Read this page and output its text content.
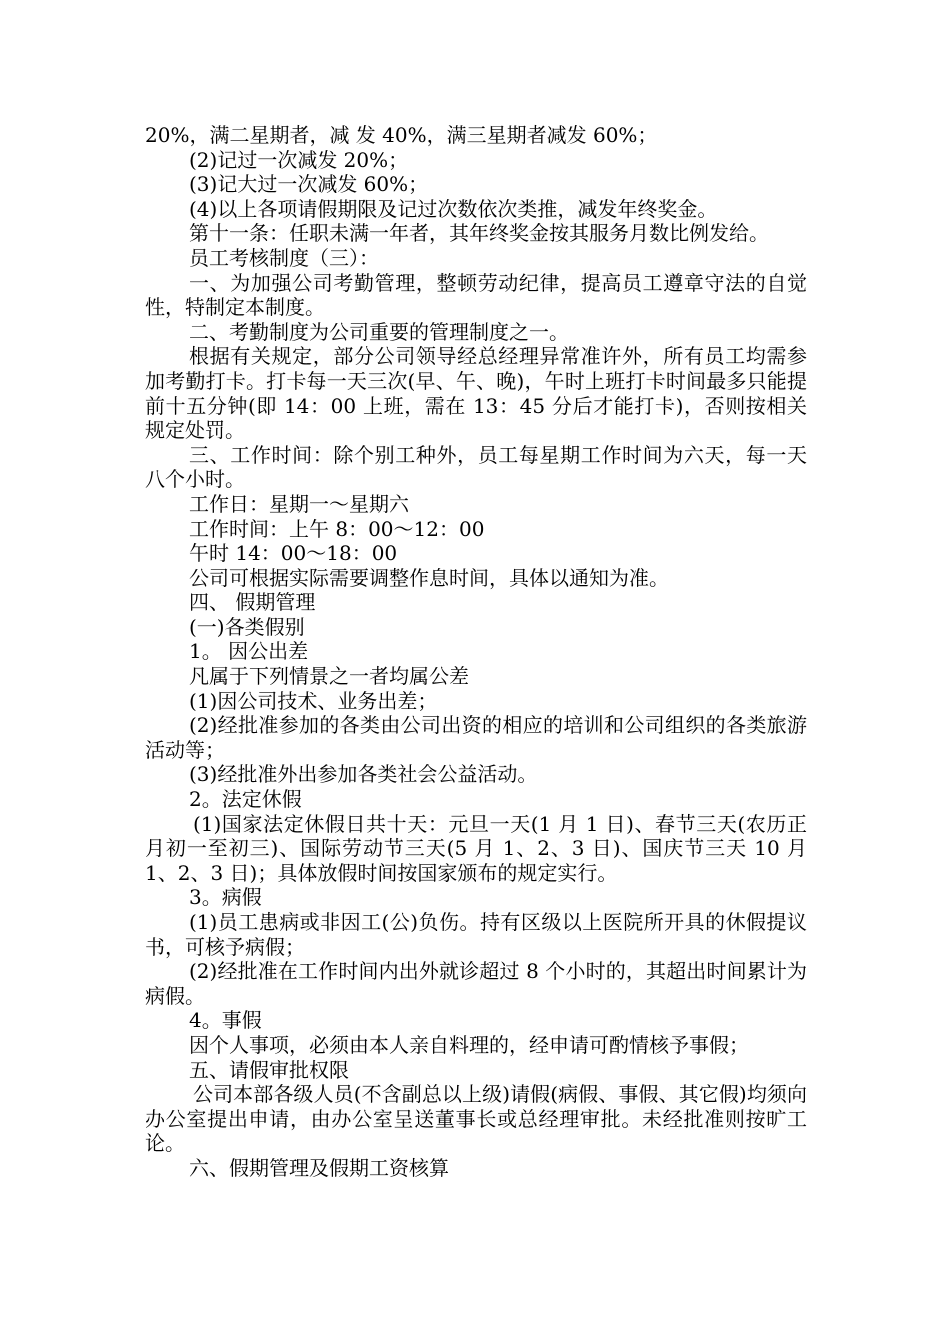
20%，满二星期者，减 发 40%，满三星期者减发 60%；

(2)记过一次减发 20%；

(3)记大过一次减发 60%；

(4)以上各项请假期限及记过次数依次类推，减发年终奖金。

第十一条：任职未满一年者，其年终奖金按其服务月数比例发给。

员工考核制度（三）：

一、为加强公司考勤管理，整顿劳动纪律，提高员工遵章守法的自觉性，特制定本制度。

二、考勤制度为公司重要的管理制度之一。

根据有关规定，部分公司领导经总经理异常准许外，所有员工均需参加考勤打卡。打卡每一天三次(早、午、晚)，午时上班打卡时间最多只能提前十五分钟(即 14：00 上班，需在 13：45 分后才能打卡)，否则按相关规定处罚。

三、工作时间：除个别工种外，员工每星期工作时间为六天，每一天八个小时。

工作日：星期一～星期六

工作时间：上午 8：00～12：00

午时 14：00～18：00

公司可根据实际需要调整作息时间，具体以通知为准。

四、 假期管理

(一)各类假别

1。 因公出差

凡属于下列情景之一者均属公差

(1)因公司技术、业务出差；

(2)经批准参加的各类由公司出资的相应的培训和公司组织的各类旅游活动等；

(3)经批准外出参加各类社会公益活动。

2。法定休假

(1)国家法定休假日共十天：元旦一天(1 月 1 日)、春节三天(农历正月初一至初三)、国际劳动节三天(5 月 1、2、3 日)、国庆节三天 10 月 1、2、3 日)；具体放假时间按国家颁布的规定实行。

3。病假

(1)员工患病或非因工(公)负伤。持有区级以上医院所开具的休假提议书，可核予病假；

(2)经批准在工作时间内出外就诊超过 8 个小时的，其超出时间累计为病假。

4。事假

因个人事项，必须由本人亲自料理的，经申请可酌情核予事假；

五、请假审批权限

公司本部各级人员(不含副总以上级)请假(病假、事假、其它假)均须向办公室提出申请，由办公室呈送董事长或总经理审批。未经批准则按旷工论。

六、假期管理及假期工资核算
